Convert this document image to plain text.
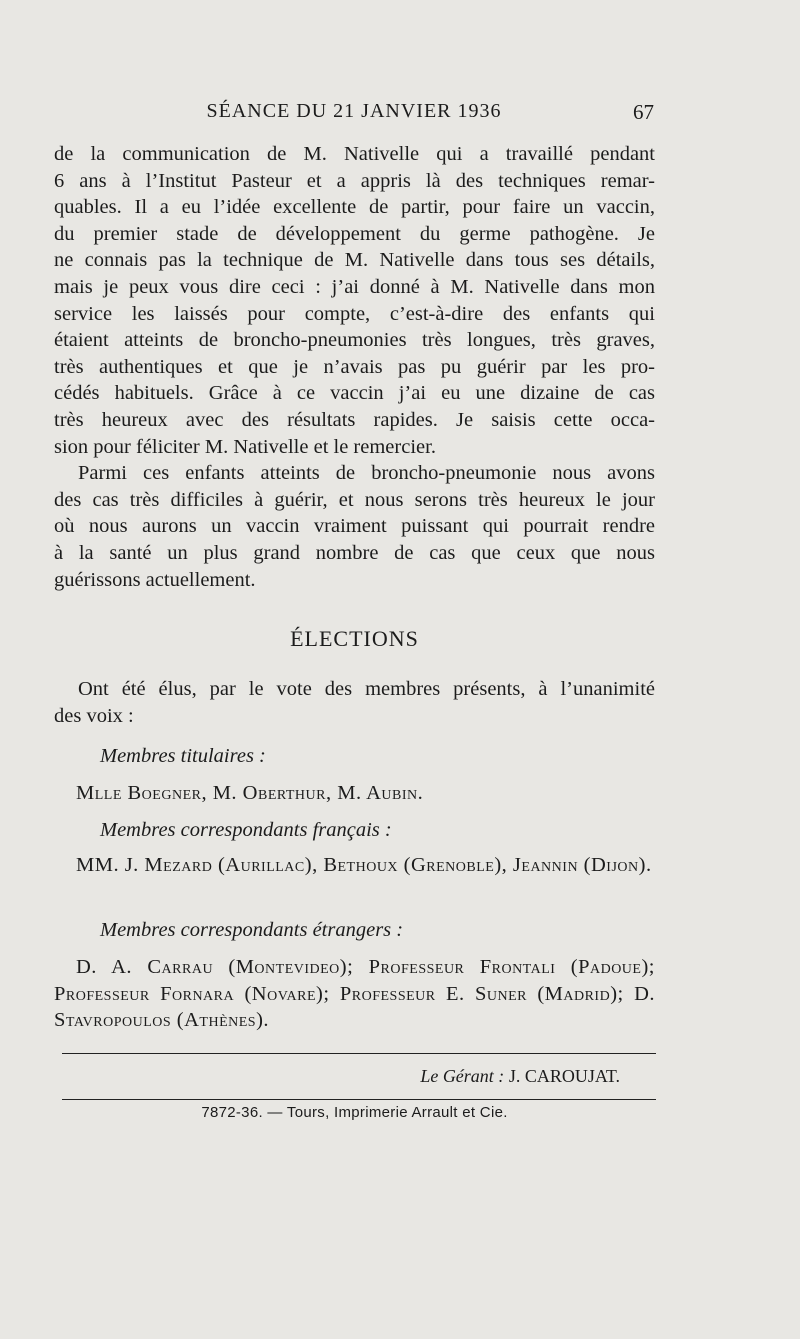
SÉANCE DU 21 JANVIER 1936	67

de la communication de M. Nativelle qui a travaillé pendant

6 ans à l’Institut Pasteur et a appris là des techniques remar-

quables. Il a eu l’idée excellente de partir, pour faire un vaccin,

du premier stade de développement du germe pathogène. Je

ne connais pas la technique de M. Nativelle dans tous ses détails,

mais je peux vous dire ceci : j’ai donné à M. Nativelle dans mon

service les laissés pour compte, c’est-à-dire des enfants qui

étaient atteints de broncho-pneumonies très longues, très graves,

très authentiques et que je n’avais pas pu guérir par les pro-

cédés habituels. Grâce à ce vaccin j’ai eu une dizaine de cas

très heureux avec des résultats rapides. Je saisis cette occa-

sion pour féliciter M. Nativelle et le remercier.

Parmi ces enfants atteints de broncho-pneumonie nous avons

des cas très difficiles à guérir, et nous serons très heureux le jour

où nous aurons un vaccin vraiment puissant qui pourrait rendre

à la santé un plus grand nombre de cas que ceux que nous

guérissons actuellement.

ÉLECTIONS

Ont été élus, par le vote des membres présents, à l’unanimité

des voix :

Membres titulaires :
Mlle Boegner, M. Oberthur, M. Aubin.
Membres correspondants français :
MM. J. Mezard (Aurillac), Bethoux (Grenoble), Jeannin (Dijon).
Membres correspondants étrangers :
D. A. Carrau (Montevideo); Professeur Frontali (Padoue); Professeur Fornara (Novare); Professeur E. Suner (Madrid); D. Stavropoulos (Athènes).
Le Gérant : J. CAROUJAT.
7872-36. — Tours, Imprimerie Arrault et Cie.
